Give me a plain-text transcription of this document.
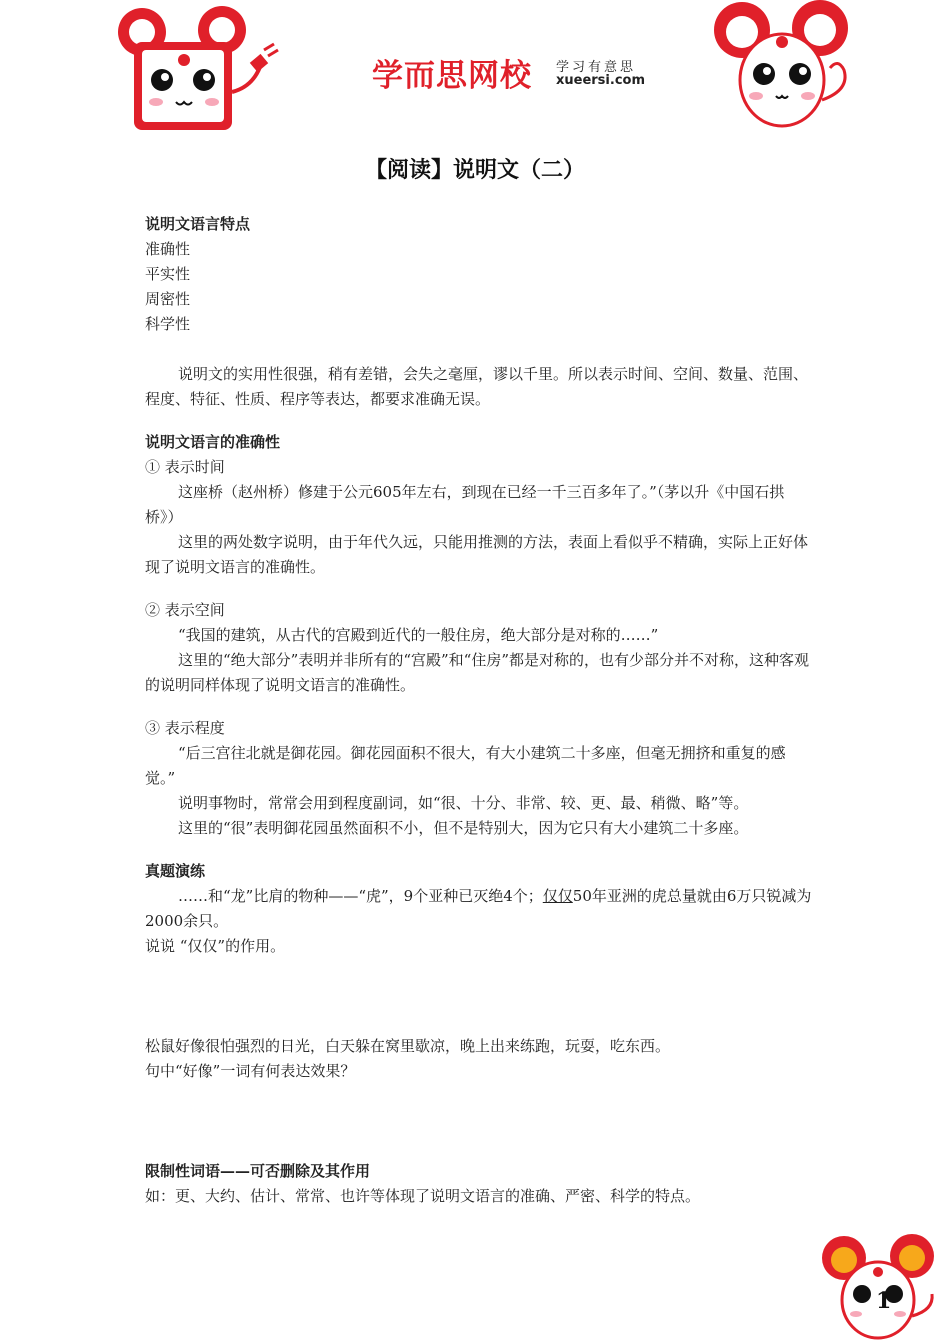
学而思网校 学习有意思
xueersi.com
【阅读】说明文（二）

说明文语言特点

准确性

平实性

周密性

科学性

说明文的实用性很强，稍有差错，会失之毫厘，谬以千里。所以表示时间、空间、数量、范围、程度、特征、性质、程序等表达，都要求准确无误。

说明文语言的准确性

① 表示时间

这座桥（赵州桥）修建于公元605年左右，到现在已经一千三百多年了。”（茅以升《中国石拱桥》）

这里的两处数字说明，由于年代久远，只能用推测的方法，表面上看似乎不精确，实际上正好体现了说明文语言的准确性。

② 表示空间

“我国的建筑，从古代的宫殿到近代的一般住房，绝大部分是对称的……”

这里的“绝大部分”表明并非所有的“宫殿”和“住房”都是对称的，也有少部分并不对称，这种客观的说明同样体现了说明文语言的准确性。

③ 表示程度

“后三宫往北就是御花园。御花园面积不很大，有大小建筑二十多座，但毫无拥挤和重复的感觉。”

说明事物时，常常会用到程度副词，如“很、十分、非常、较、更、最、稍微、略”等。

这里的“很”表明御花园虽然面积不小，但不是特别大，因为它只有大小建筑二十多座。

真题演练

……和“龙”比肩的物种——“虎”，9个亚种已灭绝4个；仅仅50年亚洲的虎总量就由6万只锐减为2000余只。

说说 “仅仅”的作用。

松鼠好像很怕强烈的日光，白天躲在窝里歇凉，晚上出来练跑，玩耍，吃东西。

句中“好像”一词有何表达效果？

限制性词语——可否删除及其作用

如：更、大约、估计、常常、也许等体现了说明文语言的准确、严密、科学的特点。

1
